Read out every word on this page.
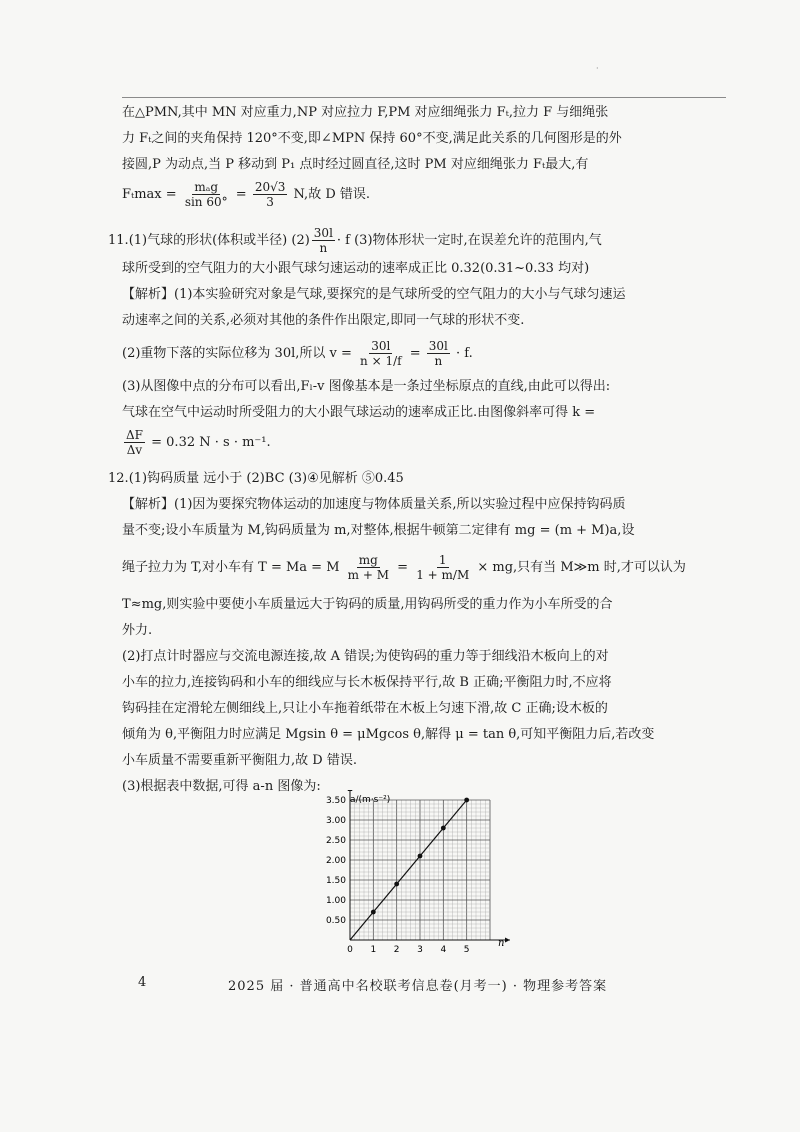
·
在△PMN,其中 MN 对应重力,NP 对应拉力 F,PM 对应细绳张力 Fₜ,拉力 F 与细绳张
力 Fₜ之间的夹角保持 120°不变,即∠MPN 保持 60°不变,满足此关系的几何图形是的外
接圆,P 为动点,当 P 移动到 P₁ 点时经过圆直径,这时 PM 对应细绳张力 Fₜ最大,有
$F_t\max = \frac{\text{mₐg}}{\sin 60^\circ} = \frac{20√3}{3} N$,故 D 错误.
11.(1)气球的形状(体积或半径) $(2) \frac{30l}{n} \cdot f$ (3)物体形状一定时,在误差允许的范围内,气
球所受到的空气阻力的大小跟气球匀速运动的速率成正比 0.32(0.31~0.33 均对)
【解析】(1)本实验研究对象是气球,要探究的是气球所受的空气阻力的大小与气球匀速运
动速率之间的关系,必须对其他的条件作出限定,即同一气球的形状不变.
(2)重物下落的实际位移为 30l,所以 $v = \frac{30l}{n \times 1/f} = \frac{30l}{n} \cdot f$.
(3)从图像中点的分布可以看出,Fₗ-v 图像基本是一条过坐标原点的直线,由此可以得出:
气球在空气中运动时所受阻力的大小跟气球运动的速率成正比.由图像斜率可得 k =
$\frac{\Delta F}{\Delta v} = 0.32$ N · s · m⁻¹.
12.(1)钩码质量 远小于 (2)BC (3)④见解析 ⑤0.45
【解析】(1)因为要探究物体运动的加速度与物体质量关系,所以实验过程中应保持钩码质
量不变;设小车质量为 M,钩码质量为 m,对整体,根据牛顿第二定律有 mg = (m + M)a,设
绳子拉力为 T,对小车有 T = Ma = M $\frac{mg}{m + M} = \frac{1}{1 + m/M}$ × mg,只有当 M≫m 时,才可以认为
T≈mg,则实验中要使小车质量远大于钩码的质量,用钩码所受的重力作为小车所受的合
外力.
(2)打点计时器应与交流电源连接,故 A 错误;为使钩码的重力等于细线沿木板向上的对
小车的拉力,连接钩码和小车的细线应与长木板保持平行,故 B 正确;平衡阻力时,不应将
钩码挂在定滑轮左侧细线上,只让小车拖着纸带在木板上匀速下滑,故 C 正确;设木板的
倾角为 θ,平衡阻力时应满足 Mgsin θ = μMgcos θ,解得 μ = tan θ,可知平衡阻力后,若改变
小车质量不需要重新平衡阻力,故 D 错误.
(3)根据表中数据,可得 a-n 图像为:
0 1 2 3 4 5
0.50
1.00
1.50
2.00
2.50
3.00
3.50 a/(m·s⁻²)
n
4	2025 届 · 普通高中名校联考信息卷(月考一) · 物理参考答案
